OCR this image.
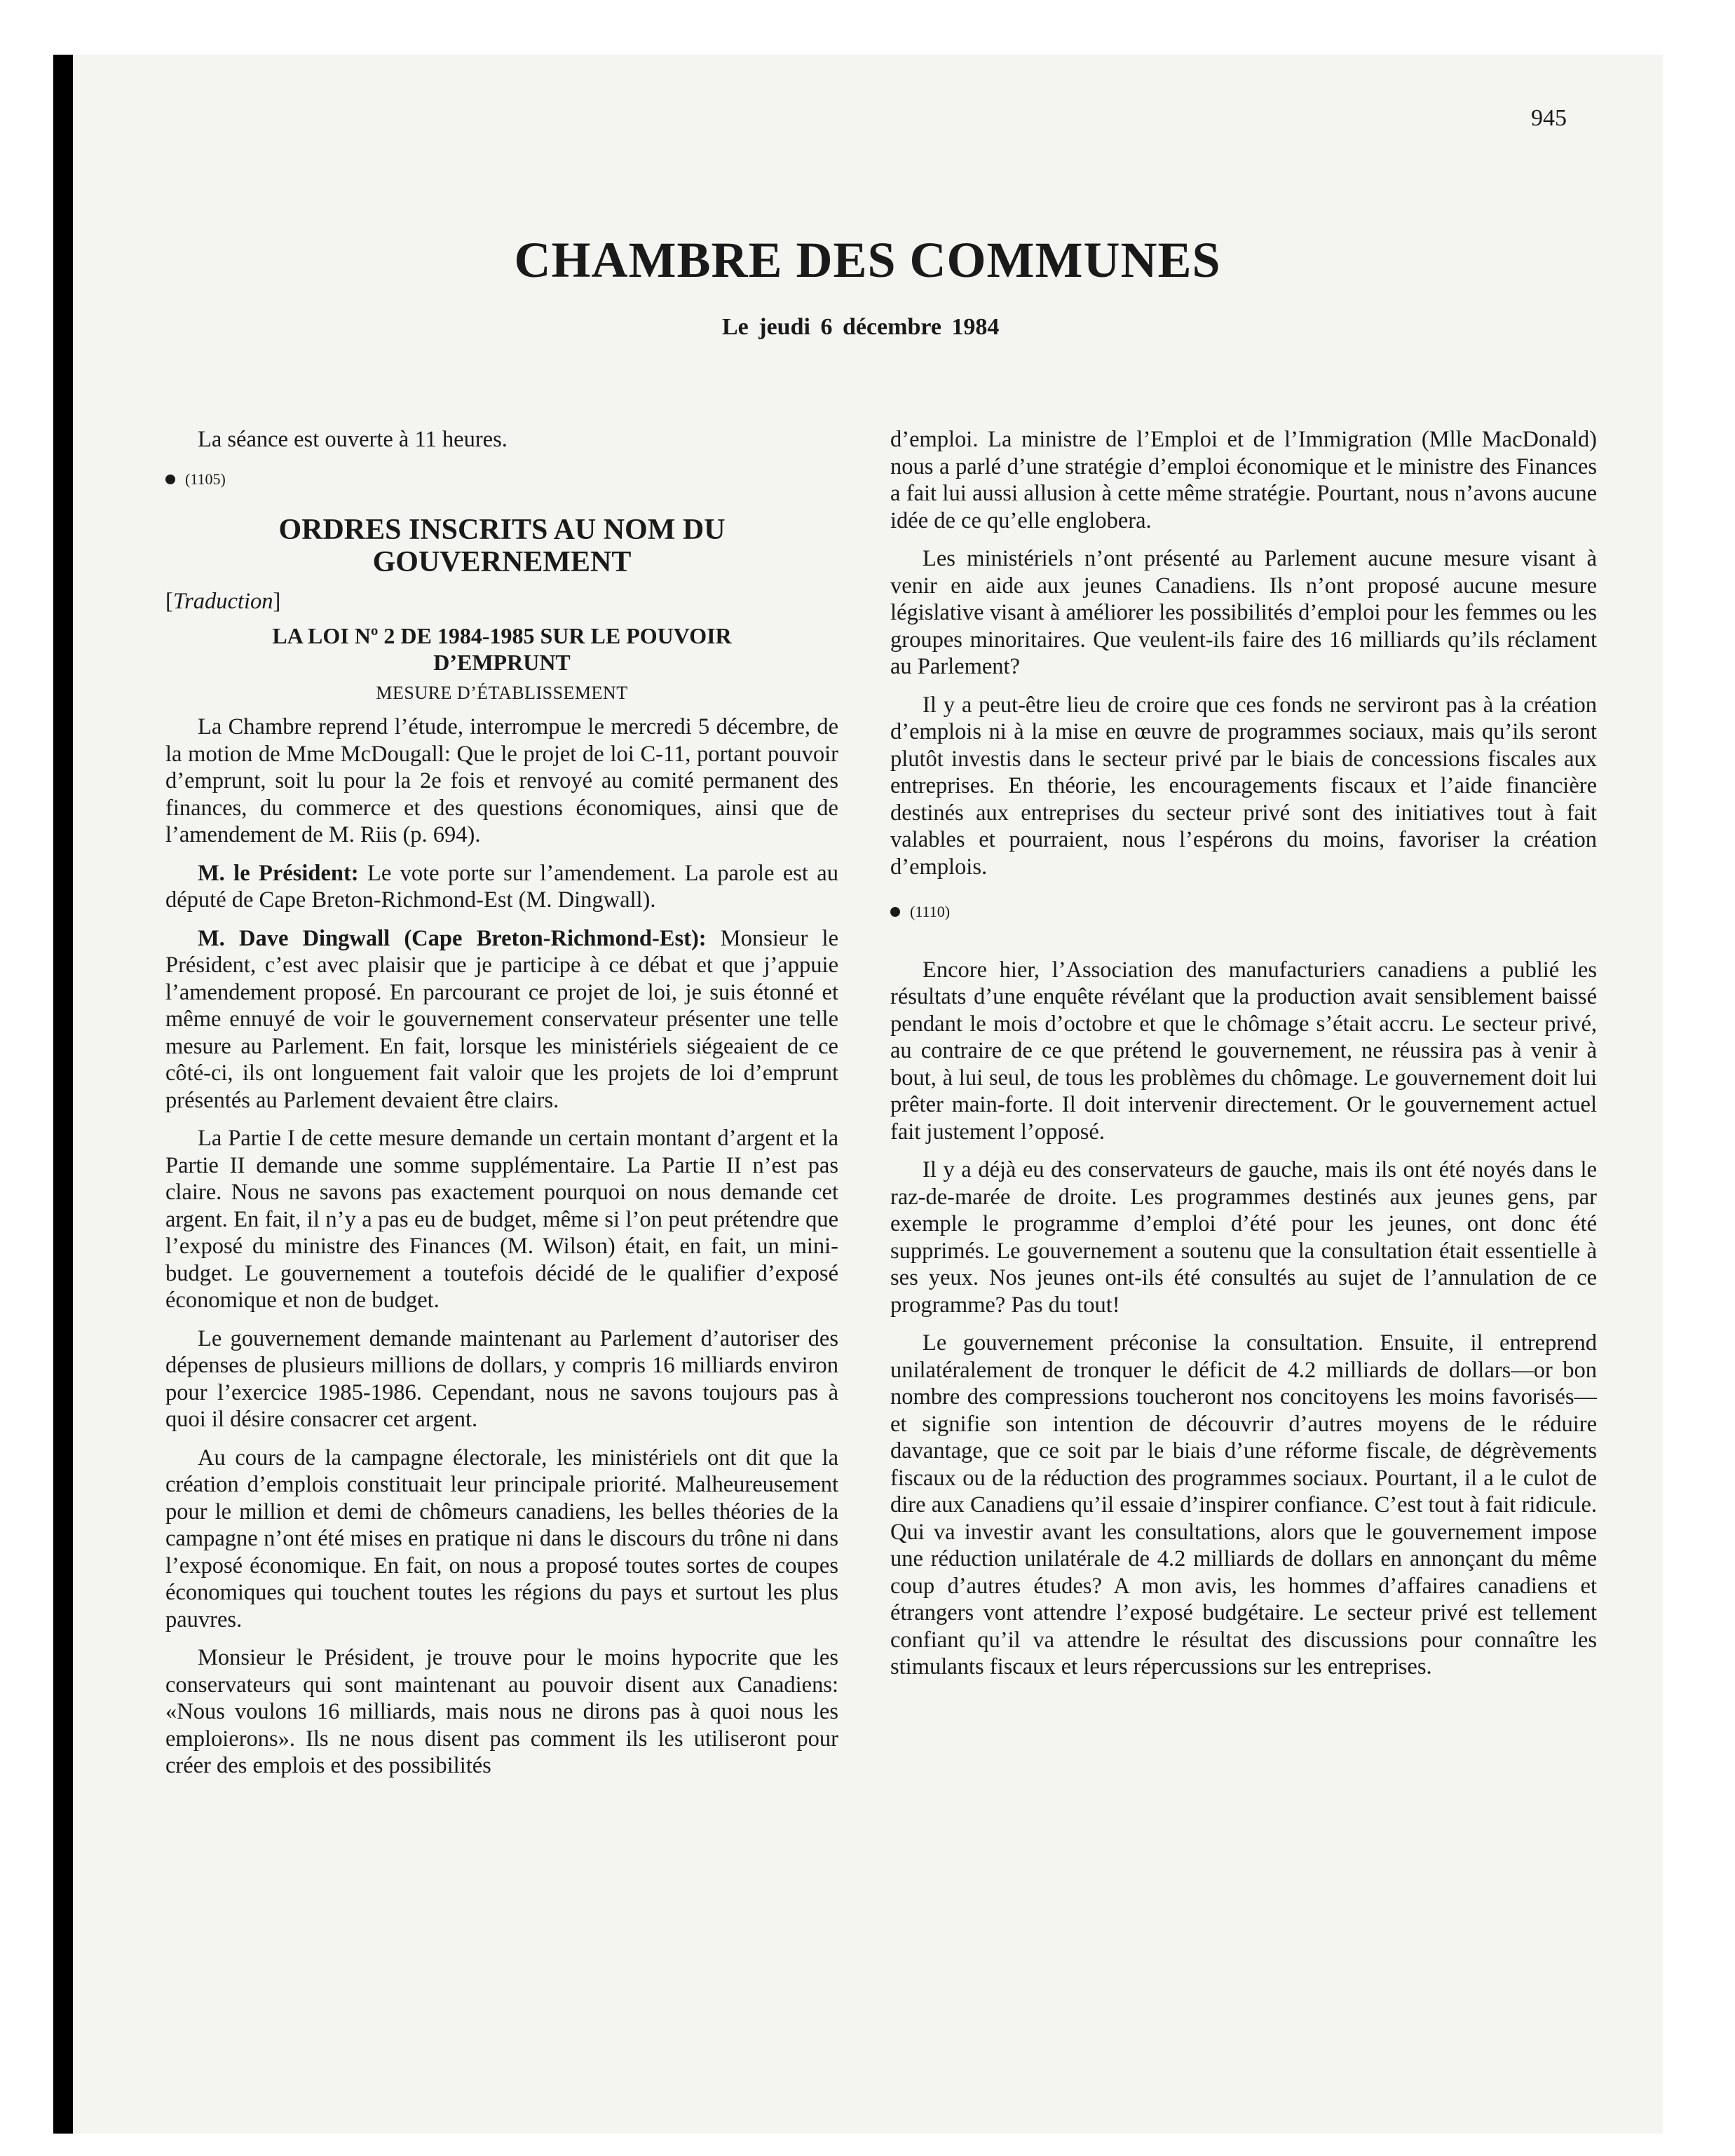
945
CHAMBRE DES COMMUNES
Le jeudi 6 décembre 1984

La séance est ouverte à 11 heures.

(1105)
ORDRES INSCRITS AU NOM DU GOUVERNEMENT
[Traduction]
LA LOI Nº 2 DE 1984-1985 SUR LE POUVOIR D’EMPRUNT
MESURE D’ÉTABLISSEMENT

La Chambre reprend l’étude, interrompue le mercredi 5 décembre, de la motion de Mme McDougall: Que le projet de loi C-11, portant pouvoir d’emprunt, soit lu pour la 2e fois et renvoyé au comité permanent des finances, du commerce et des questions économiques, ainsi que de l’amendement de M. Riis (p. 694).

M. le Président: Le vote porte sur l’amendement. La parole est au député de Cape Breton-Richmond-Est (M. Dingwall).

M. Dave Dingwall (Cape Breton-Richmond-Est): Monsieur le Président, c’est avec plaisir que je participe à ce débat et que j’appuie l’amendement proposé. En parcourant ce projet de loi, je suis étonné et même ennuyé de voir le gouvernement conservateur présenter une telle mesure au Parlement. En fait, lorsque les ministériels siégeaient de ce côté-ci, ils ont longuement fait valoir que les projets de loi d’emprunt présentés au Parlement devaient être clairs.

La Partie I de cette mesure demande un certain montant d’argent et la Partie II demande une somme supplémentaire. La Partie II n’est pas claire. Nous ne savons pas exactement pourquoi on nous demande cet argent. En fait, il n’y a pas eu de budget, même si l’on peut prétendre que l’exposé du ministre des Finances (M. Wilson) était, en fait, un mini-budget. Le gouvernement a toutefois décidé de le qualifier d’exposé économique et non de budget.

Le gouvernement demande maintenant au Parlement d’autoriser des dépenses de plusieurs millions de dollars, y compris 16 milliards environ pour l’exercice 1985-1986. Cependant, nous ne savons toujours pas à quoi il désire consacrer cet argent.

Au cours de la campagne électorale, les ministériels ont dit que la création d’emplois constituait leur principale priorité. Malheureusement pour le million et demi de chômeurs canadiens, les belles théories de la campagne n’ont été mises en pratique ni dans le discours du trône ni dans l’exposé économique. En fait, on nous a proposé toutes sortes de coupes économiques qui touchent toutes les régions du pays et surtout les plus pauvres.

Monsieur le Président, je trouve pour le moins hypocrite que les conservateurs qui sont maintenant au pouvoir disent aux Canadiens: «Nous voulons 16 milliards, mais nous ne dirons pas à quoi nous les emploierons». Ils ne nous disent pas comment ils les utiliseront pour créer des emplois et des possibilités

d’emploi. La ministre de l’Emploi et de l’Immigration (Mlle MacDonald) nous a parlé d’une stratégie d’emploi économique et le ministre des Finances a fait lui aussi allusion à cette même stratégie. Pourtant, nous n’avons aucune idée de ce qu’elle englobera.

Les ministériels n’ont présenté au Parlement aucune mesure visant à venir en aide aux jeunes Canadiens. Ils n’ont proposé aucune mesure législative visant à améliorer les possibilités d’emploi pour les femmes ou les groupes minoritaires. Que veulent-ils faire des 16 milliards qu’ils réclament au Parlement?

Il y a peut-être lieu de croire que ces fonds ne serviront pas à la création d’emplois ni à la mise en œuvre de programmes sociaux, mais qu’ils seront plutôt investis dans le secteur privé par le biais de concessions fiscales aux entreprises. En théorie, les encouragements fiscaux et l’aide financière destinés aux entreprises du secteur privé sont des initiatives tout à fait valables et pourraient, nous l’espérons du moins, favoriser la création d’emplois.

(1110)

Encore hier, l’Association des manufacturiers canadiens a publié les résultats d’une enquête révélant que la production avait sensiblement baissé pendant le mois d’octobre et que le chômage s’était accru. Le secteur privé, au contraire de ce que prétend le gouvernement, ne réussira pas à venir à bout, à lui seul, de tous les problèmes du chômage. Le gouvernement doit lui prêter main-forte. Il doit intervenir directement. Or le gouvernement actuel fait justement l’opposé.

Il y a déjà eu des conservateurs de gauche, mais ils ont été noyés dans le raz-de-marée de droite. Les programmes destinés aux jeunes gens, par exemple le programme d’emploi d’été pour les jeunes, ont donc été supprimés. Le gouvernement a soutenu que la consultation était essentielle à ses yeux. Nos jeunes ont-ils été consultés au sujet de l’annulation de ce programme? Pas du tout!

Le gouvernement préconise la consultation. Ensuite, il entreprend unilatéralement de tronquer le déficit de 4.2 milliards de dollars—or bon nombre des compressions toucheront nos concitoyens les moins favorisés—et signifie son intention de découvrir d’autres moyens de le réduire davantage, que ce soit par le biais d’une réforme fiscale, de dégrèvements fiscaux ou de la réduction des programmes sociaux. Pourtant, il a le culot de dire aux Canadiens qu’il essaie d’inspirer confiance. C’est tout à fait ridicule. Qui va investir avant les consultations, alors que le gouvernement impose une réduction unilatérale de 4.2 milliards de dollars en annonçant du même coup d’autres études? A mon avis, les hommes d’affaires canadiens et étrangers vont attendre l’exposé budgétaire. Le secteur privé est tellement confiant qu’il va attendre le résultat des discussions pour connaître les stimulants fiscaux et leurs répercussions sur les entreprises.
